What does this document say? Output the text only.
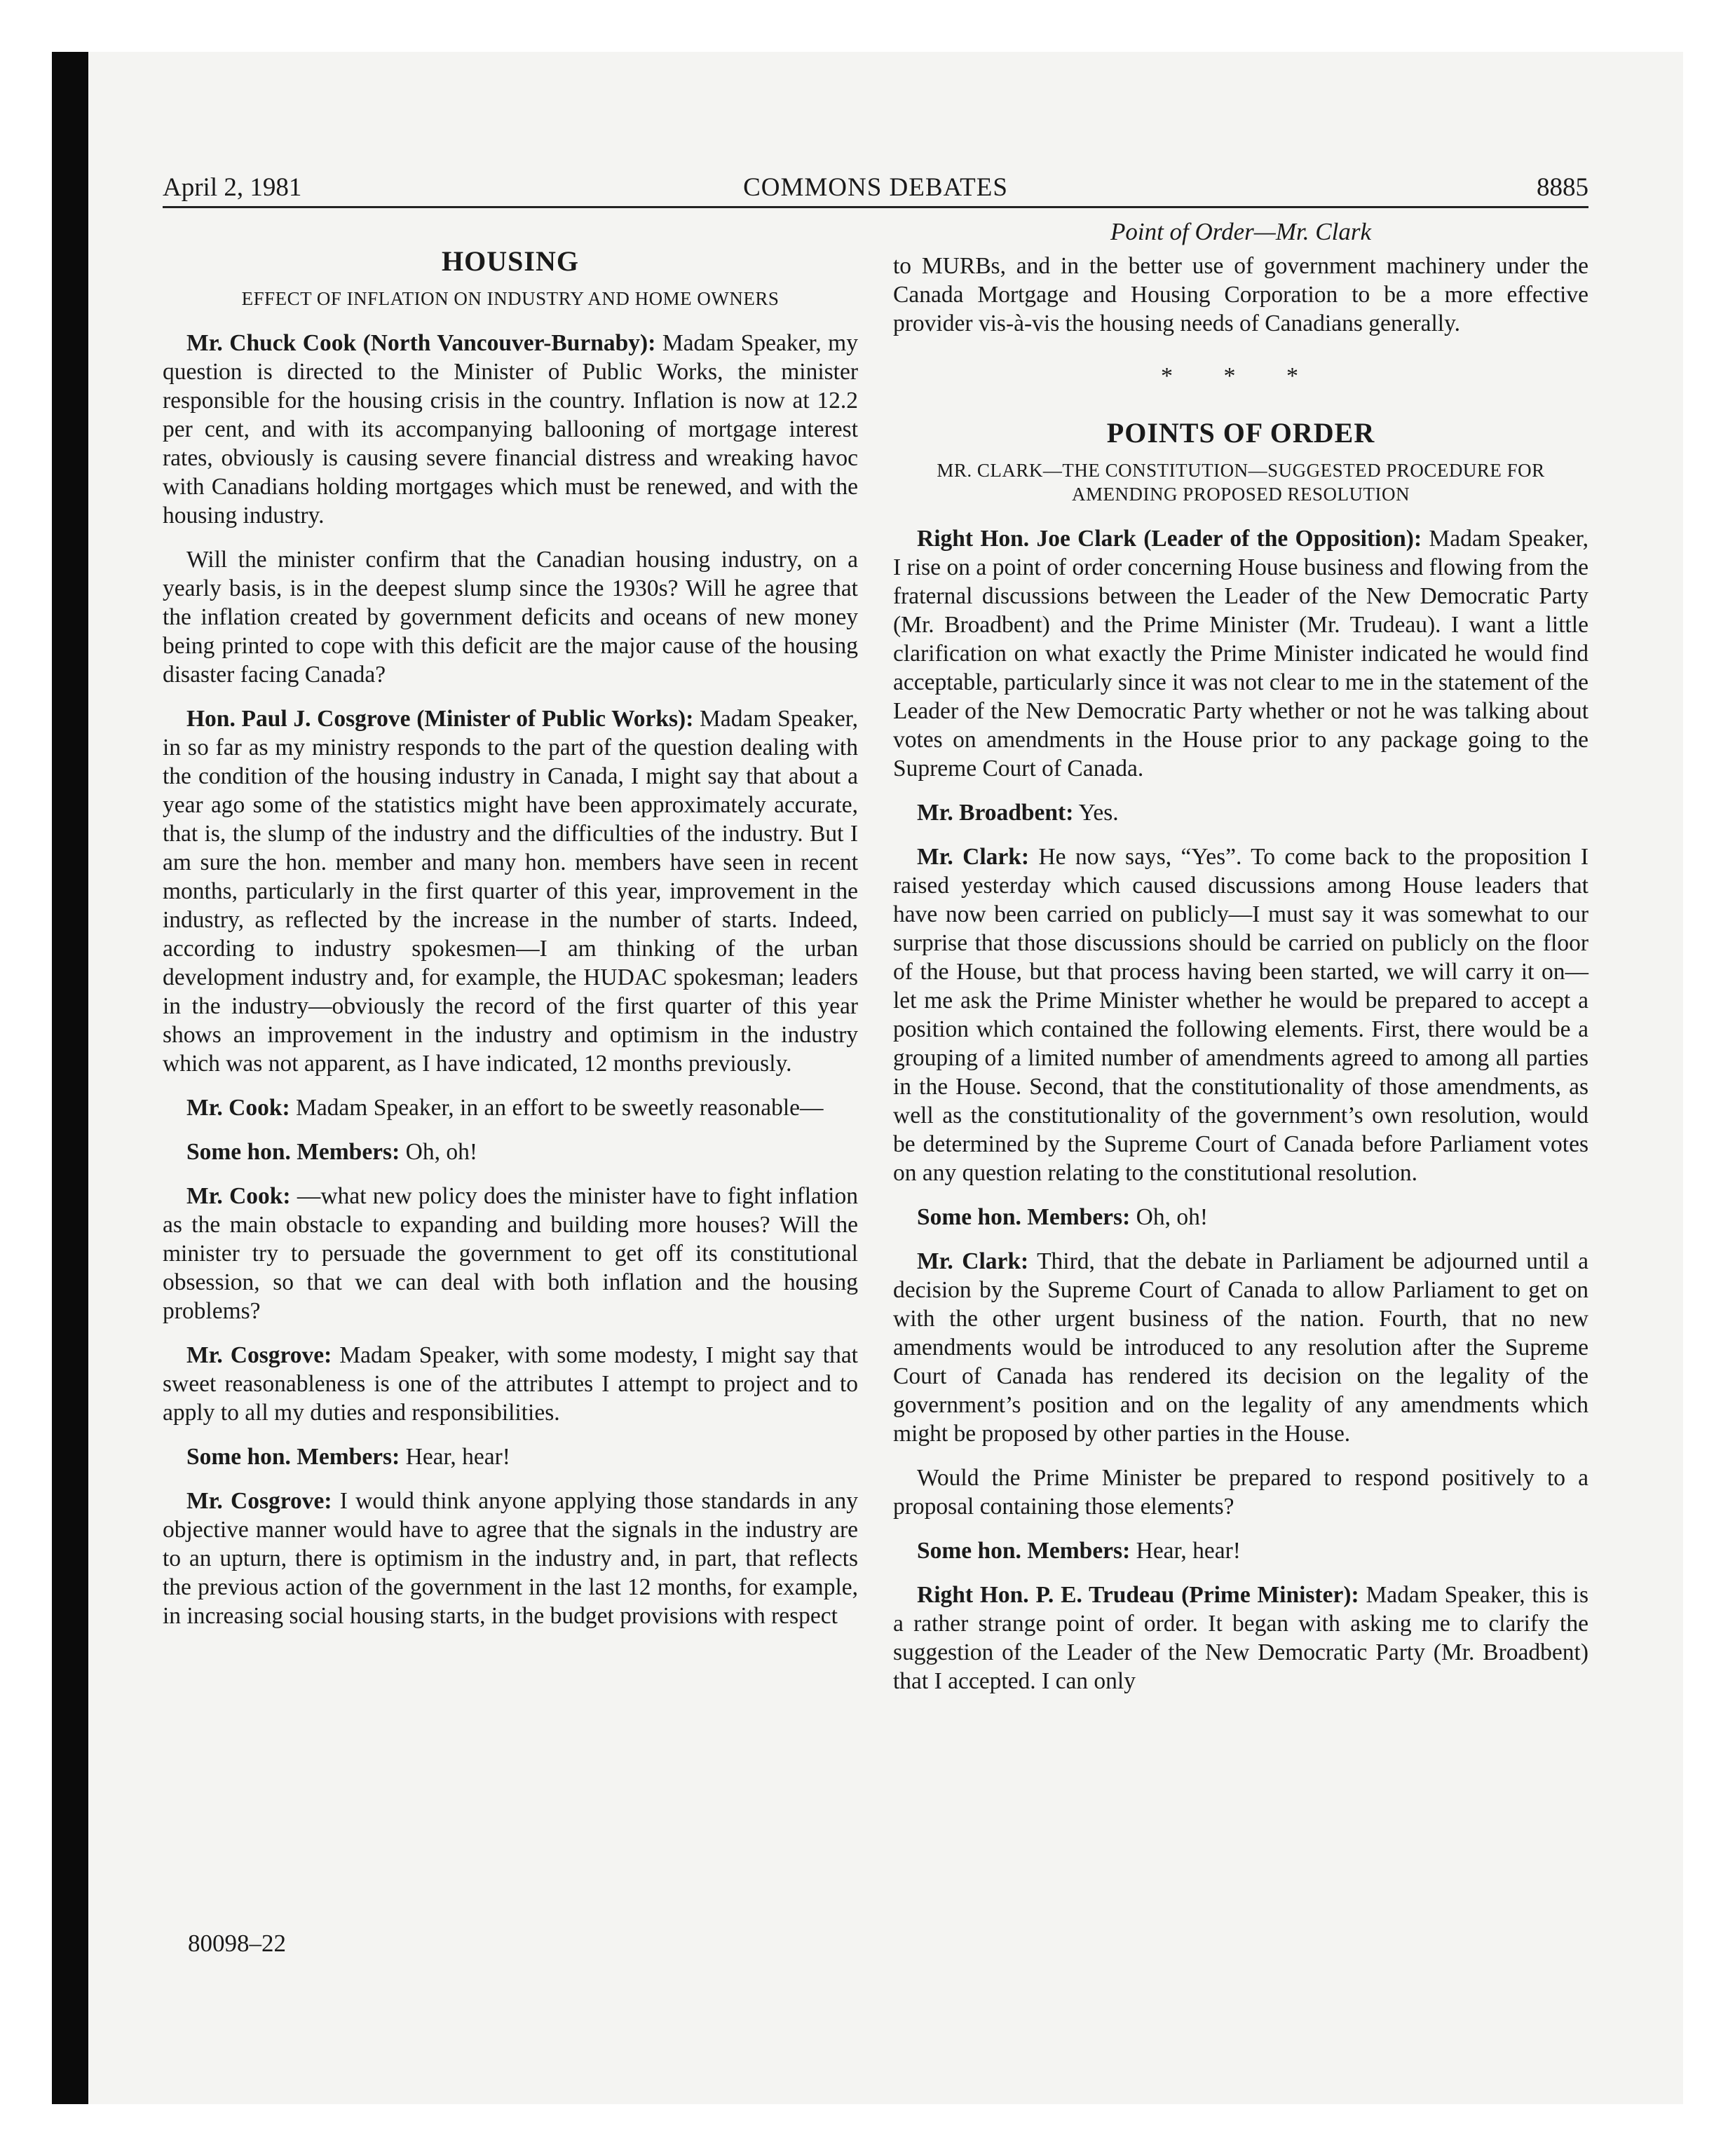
April 2, 1981	COMMONS DEBATES	8885
HOUSING
EFFECT OF INFLATION ON INDUSTRY AND HOME OWNERS

Mr. Chuck Cook (North Vancouver-Burnaby): Madam Speaker, my question is directed to the Minister of Public Works, the minister responsible for the housing crisis in the country. Inflation is now at 12.2 per cent, and with its accompanying ballooning of mortgage interest rates, obviously is causing severe financial distress and wreaking havoc with Canadians holding mortgages which must be renewed, and with the housing industry.

Will the minister confirm that the Canadian housing industry, on a yearly basis, is in the deepest slump since the 1930s? Will he agree that the inflation created by government deficits and oceans of new money being printed to cope with this deficit are the major cause of the housing disaster facing Canada?

Hon. Paul J. Cosgrove (Minister of Public Works): Madam Speaker, in so far as my ministry responds to the part of the question dealing with the condition of the housing industry in Canada, I might say that about a year ago some of the statistics might have been approximately accurate, that is, the slump of the industry and the difficulties of the industry. But I am sure the hon. member and many hon. members have seen in recent months, particularly in the first quarter of this year, improvement in the industry, as reflected by the increase in the number of starts. Indeed, according to industry spokesmen—I am thinking of the urban development industry and, for example, the HUDAC spokesman; leaders in the industry—obviously the record of the first quarter of this year shows an improvement in the industry and optimism in the industry which was not apparent, as I have indicated, 12 months previously.

Mr. Cook: Madam Speaker, in an effort to be sweetly reasonable—

Some hon. Members: Oh, oh!

Mr. Cook: —what new policy does the minister have to fight inflation as the main obstacle to expanding and building more houses? Will the minister try to persuade the government to get off its constitutional obsession, so that we can deal with both inflation and the housing problems?

Mr. Cosgrove: Madam Speaker, with some modesty, I might say that sweet reasonableness is one of the attributes I attempt to project and to apply to all my duties and responsibilities.

Some hon. Members: Hear, hear!

Mr. Cosgrove: I would think anyone applying those standards in any objective manner would have to agree that the signals in the industry are to an upturn, there is optimism in the industry and, in part, that reflects the previous action of the government in the last 12 months, for example, in increasing social housing starts, in the budget provisions with respect

Point of Order—Mr. Clark

to MURBs, and in the better use of government machinery under the Canada Mortgage and Housing Corporation to be a more effective provider vis-à-vis the housing needs of Canadians generally.

* * *
POINTS OF ORDER
MR. CLARK—THE CONSTITUTION—SUGGESTED PROCEDURE FOR AMENDING PROPOSED RESOLUTION

Right Hon. Joe Clark (Leader of the Opposition): Madam Speaker, I rise on a point of order concerning House business and flowing from the fraternal discussions between the Leader of the New Democratic Party (Mr. Broadbent) and the Prime Minister (Mr. Trudeau). I want a little clarification on what exactly the Prime Minister indicated he would find acceptable, particularly since it was not clear to me in the statement of the Leader of the New Democratic Party whether or not he was talking about votes on amendments in the House prior to any package going to the Supreme Court of Canada.

Mr. Broadbent: Yes.

Mr. Clark: He now says, “Yes”. To come back to the proposition I raised yesterday which caused discussions among House leaders that have now been carried on publicly—I must say it was somewhat to our surprise that those discussions should be carried on publicly on the floor of the House, but that process having been started, we will carry it on—let me ask the Prime Minister whether he would be prepared to accept a position which contained the following elements. First, there would be a grouping of a limited number of amendments agreed to among all parties in the House. Second, that the constitutionality of those amendments, as well as the constitutionality of the government’s own resolution, would be determined by the Supreme Court of Canada before Parliament votes on any question relating to the constitutional resolution.

Some hon. Members: Oh, oh!

Mr. Clark: Third, that the debate in Parliament be adjourned until a decision by the Supreme Court of Canada to allow Parliament to get on with the other urgent business of the nation. Fourth, that no new amendments would be introduced to any resolution after the Supreme Court of Canada has rendered its decision on the legality of the government’s position and on the legality of any amendments which might be proposed by other parties in the House.

Would the Prime Minister be prepared to respond positively to a proposal containing those elements?

Some hon. Members: Hear, hear!

Right Hon. P. E. Trudeau (Prime Minister): Madam Speaker, this is a rather strange point of order. It began with asking me to clarify the suggestion of the Leader of the New Democratic Party (Mr. Broadbent) that I accepted. I can only

80098–22
